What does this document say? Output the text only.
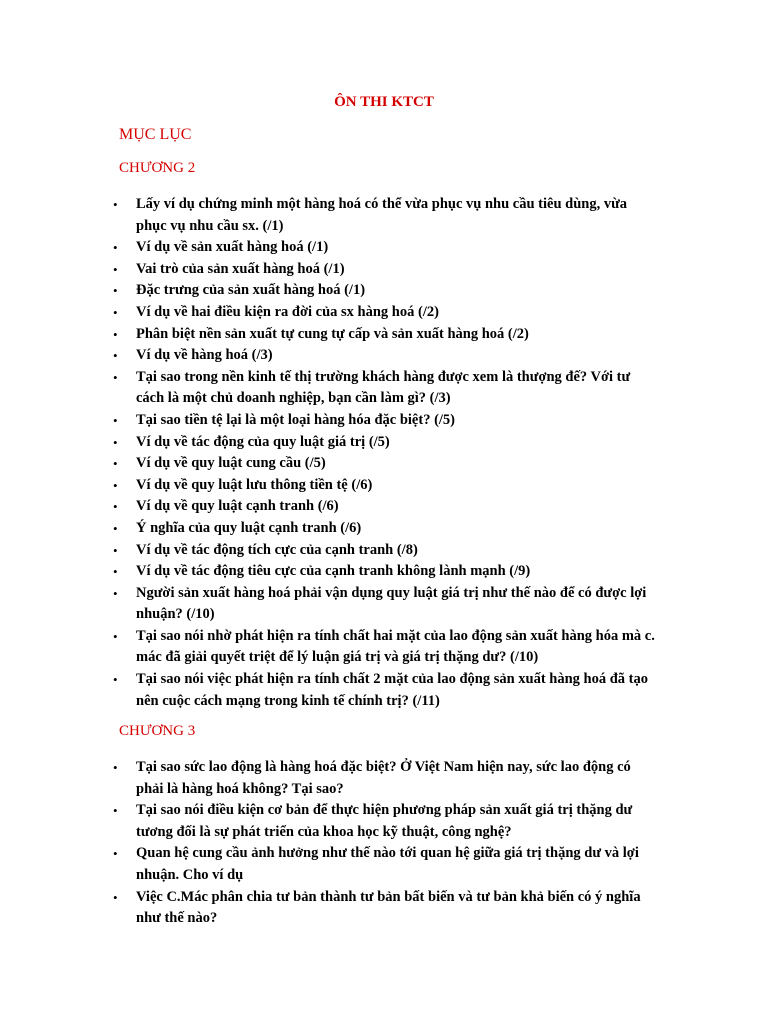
ÔN THI KTCT
MỤC LỤC
CHƯƠNG 2
• Lấy ví dụ chứng minh một hàng hoá có thể vừa phục vụ nhu cầu tiêu dùng, vừa phục vụ nhu cầu sx. (/1)
• Ví dụ về sản xuất hàng hoá (/1)
• Vai trò của sản xuất hàng hoá (/1)
• Đặc trưng của sản xuất hàng hoá (/1)
• Ví dụ về hai điều kiện ra đời của sx hàng hoá (/2)
• Phân biệt nền sản xuất tự cung tự cấp và sản xuất hàng hoá (/2)
• Ví dụ về hàng hoá (/3)
• Tại sao trong nền kinh tế thị trường khách hàng được xem là thượng đế? Với tư cách là một chủ doanh nghiệp, bạn cần làm gì? (/3)
• Tại sao tiền tệ lại là một loại hàng hóa đặc biệt? (/5)
• Ví dụ về tác động của quy luật giá trị (/5)
• Ví dụ về quy luật cung cầu (/5)
• Ví dụ về quy luật lưu thông tiền tệ (/6)
• Ví dụ về quy luật cạnh tranh (/6)
• Ý nghĩa của quy luật cạnh tranh (/6)
• Ví dụ về tác động tích cực của cạnh tranh (/8)
• Ví dụ về tác động tiêu cực của cạnh tranh không lành mạnh (/9)
• Người sản xuất hàng hoá phải vận dụng quy luật giá trị như thế nào để có được lợi nhuận? (/10)
• Tại sao nói nhờ phát hiện ra tính chất hai mặt của lao động sản xuất hàng hóa mà c. mác đã giải quyết triệt để lý luận giá trị và giá trị thặng dư? (/10)
• Tại sao nói việc phát hiện ra tính chất 2 mặt của lao động sản xuất hàng hoá đã tạo nên cuộc cách mạng trong kinh tế chính trị? (/11)
CHƯƠNG 3
• Tại sao sức lao động là hàng hoá đặc biệt? Ở Việt Nam hiện nay, sức lao động có phải là hàng hoá không? Tại sao?
• Tại sao nói điều kiện cơ bản để thực hiện phương pháp sản xuất giá trị thặng dư tương đối là sự phát triển của khoa học kỹ thuật, công nghệ?
• Quan hệ cung cầu ảnh hưởng như thế nào tới quan hệ giữa giá trị thặng dư và lợi nhuận. Cho ví dụ
• Việc C.Mác phân chia tư bản thành tư bản bất biến và tư bản khả biến có ý nghĩa như thế nào?
